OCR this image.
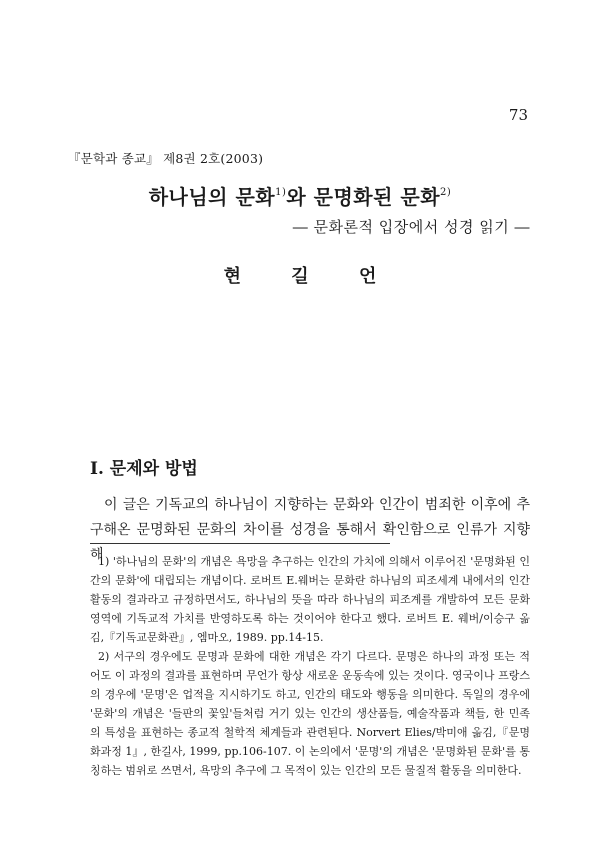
73
『문학과 종교』 제8권 2호(2003)
하나님의 문화$^{1)}$와 문명화된 문화$^{2)}$
― 문화론적 입장에서 성경 읽기 ―
현 길 언
I. 문제와 방법

이 글은 기독교의 하나님이 지향하는 문화와 인간이 범죄한 이후에 추구해온 문명화된 문화의 차이를 성경을 통해서 확인함으로 인류가 지향해

1) '하나님의 문화'의 개념은 욕망을 추구하는 인간의 가치에 의해서 이루어진 '문명화된 인간의 문화'에 대립되는 개념이다. 로버트 E.웨버는 문화란 하나님의 피조세계 내에서의 인간 활동의 결과라고 규정하면서도, 하나님의 뜻을 따라 하나님의 피조계를 개발하여 모든 문화 영역에 기독교적 가치를 반영하도록 하는 것이어야 한다고 했다. 로버트 E. 웨버/이승구 옮김,『기독교문화관』, 엠마오, 1989. pp.14-15.

2) 서구의 경우에도 문명과 문화에 대한 개념은 각기 다르다. 문명은 하나의 과정 또는 적어도 이 과정의 결과를 표현하며 무언가 항상 새로운 운동속에 있는 것이다. 영국이나 프랑스의 경우에 '문명'은 업적을 지시하기도 하고, 인간의 태도와 행동을 의미한다. 독일의 경우에 '문화'의 개념은 '들판의 꽃잎'들처럼 거기 있는 인간의 생산품들, 예술작품과 책들, 한 민족의 특성을 표현하는 종교적 철학적 체계들과 관련된다. Norvert Elies/박미애 옮김,『문명화과정 1』, 한길사, 1999, pp.106-107. 이 논의에서 '문명'의 개념은 '문명화된 문화'를 통칭하는 범위로 쓰면서, 욕망의 추구에 그 목적이 있는 인간의 모든 물질적 활동을 의미한다.
